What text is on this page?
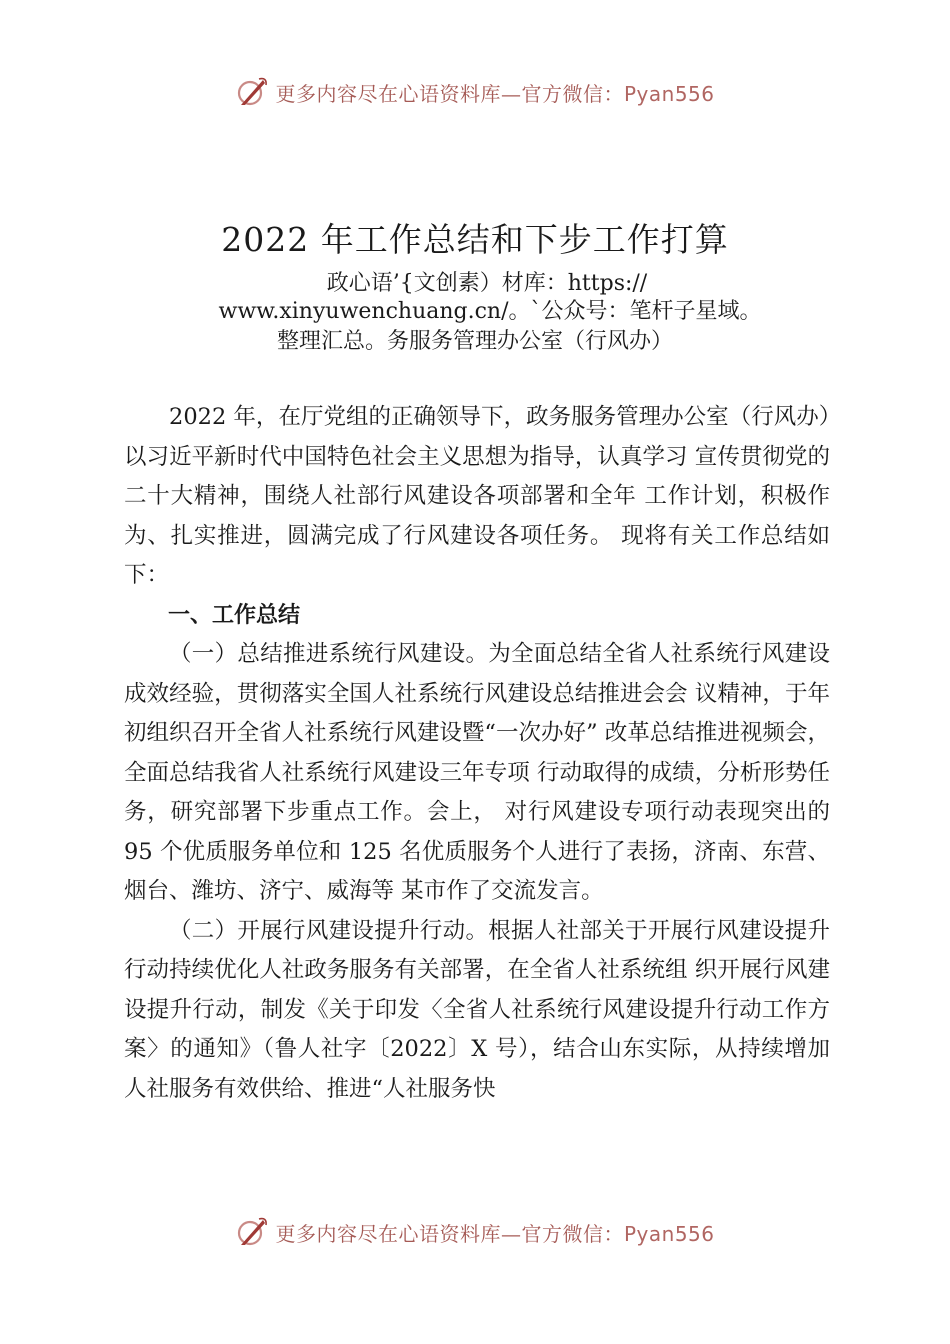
更多内容尽在心语资料库—官方微信：Pyan556
2022 年工作总结和下步工作打算
政心语’{文创素）材库：https://
www.xinyuwenchuang.cn/。`公众号：笔杆子星域。
整理汇总。务服务管理办公室（行风办）

2022 年，在厅党组的正确领导下，政务服务管理办公室（行风办）以习近平新时代中国特色社会主义思想为指导，认真学习 宣传贯彻党的二十大精神，围绕人社部行风建设各项部署和全年 工作计划，积极作为、扎实推进，圆满完成了行风建设各项任务。 现将有关工作总结如下：

一、工作总结

（一）总结推进系统行风建设。为全面总结全省人社系统行风建设成效经验，贯彻落实全国人社系统行风建设总结推进会会 议精神，于年初组织召开全省人社系统行风建设暨“一次办好” 改革总结推进视频会，全面总结我省人社系统行风建设三年专项 行动取得的成绩，分析形势任务，研究部署下步重点工作。会上， 对行风建设专项行动表现突出的 95 个优质服务单位和 125 名优质服务个人进行了表扬，济南、东营、烟台、潍坊、济宁、威海等 某市作了交流发言。

（二）开展行风建设提升行动。根据人社部关于开展行风建设提升行动持续优化人社政务服务有关部署，在全省人社系统组 织开展行风建设提升行动，制发《关于印发〈全省人社系统行风建设提升行动工作方案〉的通知》（鲁人社字〔2022〕X 号），结合山东实际，从持续增加人社服务有效供给、推进“人社服务快

更多内容尽在心语资料库—官方微信：Pyan556
